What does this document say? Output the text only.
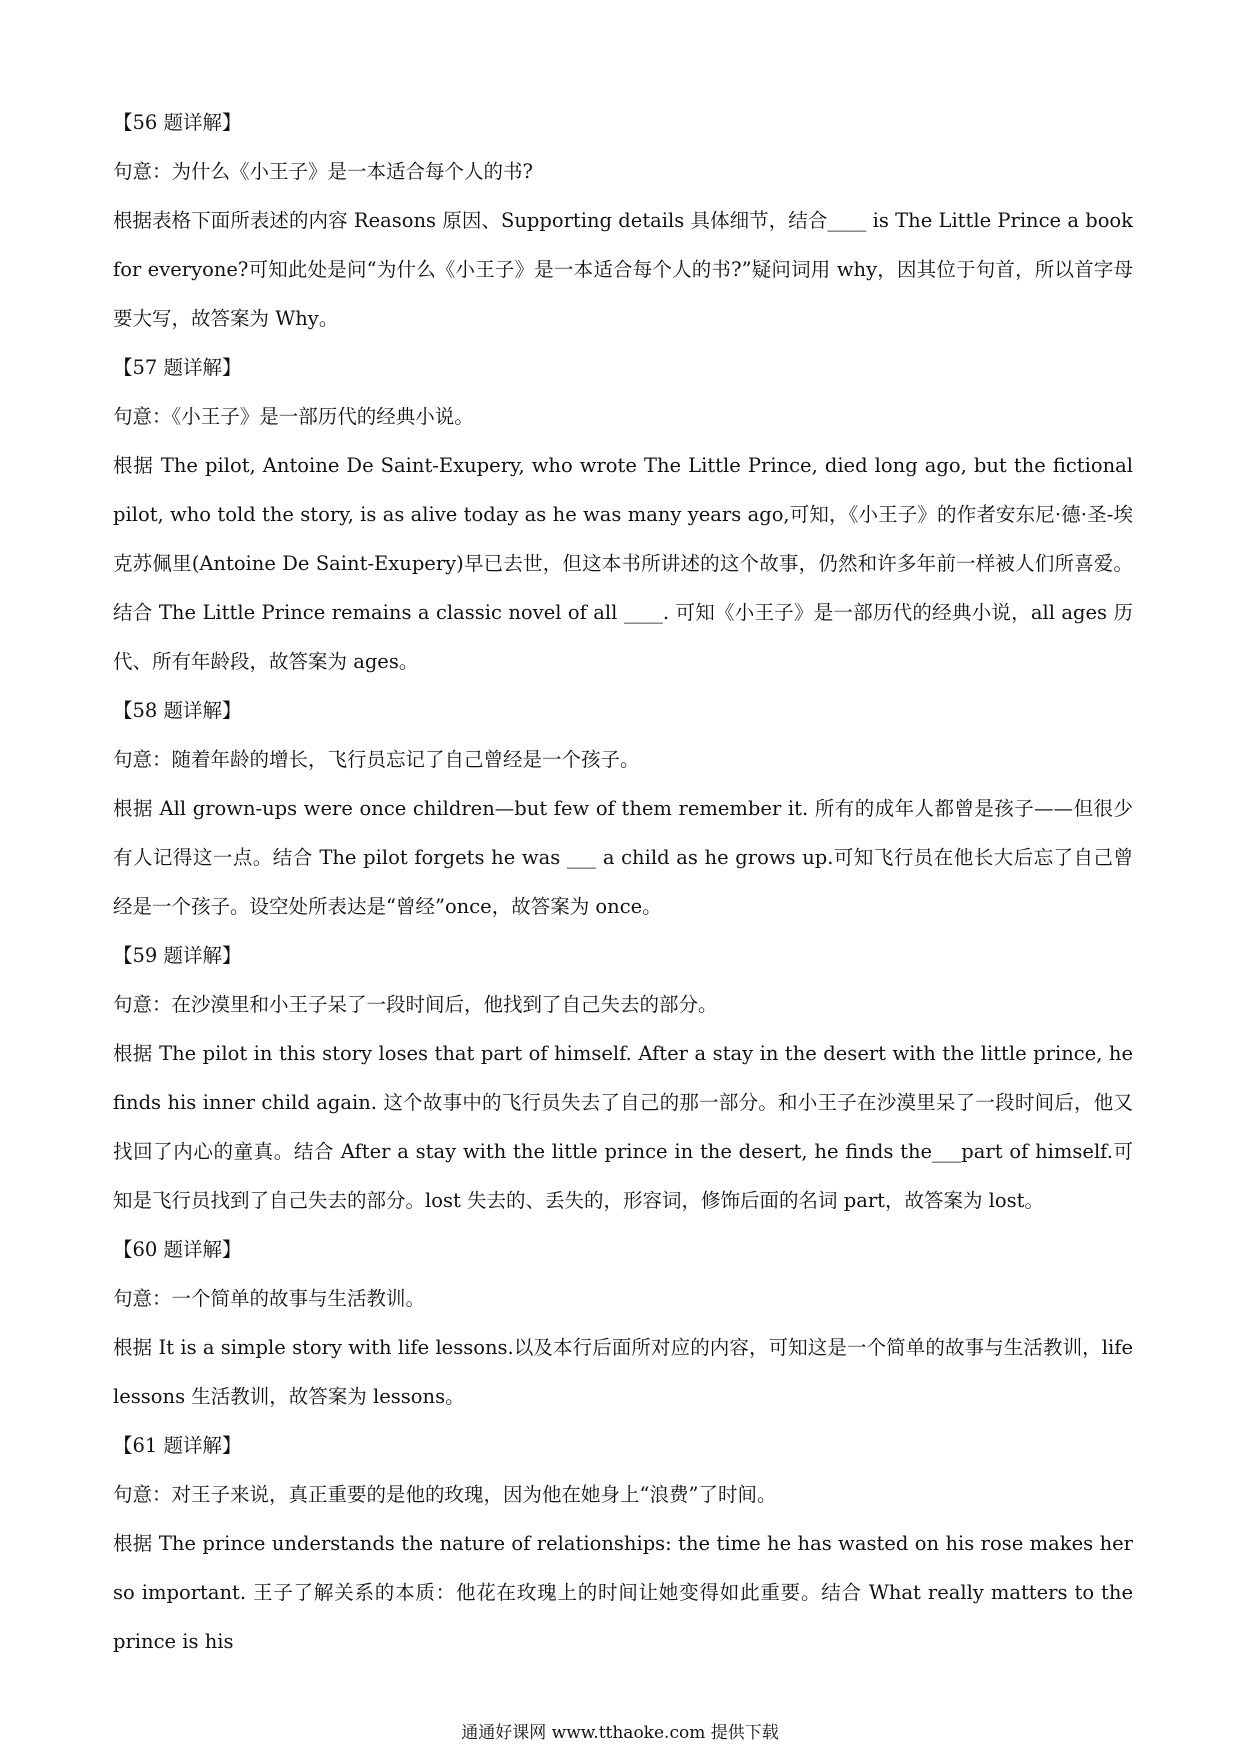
【56 题详解】

句意：为什么《小王子》是一本适合每个人的书?

根据表格下面所表述的内容 Reasons 原因、Supporting details 具体细节，结合____ is The Little Prince a book for everyone?可知此处是问“为什么《小王子》是一本适合每个人的书?”疑问词用 why，因其位于句首，所以首字母要大写，故答案为 Why。

【57 题详解】

句意：《小王子》是一部历代的经典小说。

根据 The pilot, Antoine De Saint-Exupery, who wrote The Little Prince, died long ago, but the fictional pilot, who told the story, is as alive today as he was many years ago,可知，《小王子》的作者安东尼·德·圣-埃克苏佩里(Antoine De Saint-Exupery)早已去世，但这本书所讲述的这个故事，仍然和许多年前一样被人们所喜爱。结合 The Little Prince remains a classic novel of all ____. 可知《小王子》是一部历代的经典小说，all ages 历代、所有年龄段，故答案为 ages。

【58 题详解】

句意：随着年龄的增长，飞行员忘记了自己曾经是一个孩子。

根据 All grown-ups were once children—but few of them remember it. 所有的成年人都曾是孩子——但很少有人记得这一点。结合 The pilot forgets he was ___ a child as he grows up.可知飞行员在他长大后忘了自己曾经是一个孩子。设空处所表达是“曾经”once，故答案为 once。

【59 题详解】

句意：在沙漠里和小王子呆了一段时间后，他找到了自己失去的部分。

根据 The pilot in this story loses that part of himself. After a stay in the desert with the little prince, he finds his inner child again. 这个故事中的飞行员失去了自己的那一部分。和小王子在沙漠里呆了一段时间后，他又找回了内心的童真。结合 After a stay with the little prince in the desert, he finds the___part of himself.可知是飞行员找到了自己失去的部分。lost 失去的、丢失的，形容词，修饰后面的名词 part，故答案为 lost。

【60 题详解】

句意：一个简单的故事与生活教训。

根据 It is a simple story with life lessons.以及本行后面所对应的内容，可知这是一个简单的故事与生活教训，life lessons 生活教训，故答案为 lessons。

【61 题详解】

句意：对王子来说，真正重要的是他的玫瑰，因为他在她身上“浪费”了时间。

根据 The prince understands the nature of relationships: the time he has wasted on his rose makes her so important. 王子了解关系的本质：他花在玫瑰上的时间让她变得如此重要。结合 What really matters to the prince is his

通通好课网 www.tthaoke.com 提供下载
